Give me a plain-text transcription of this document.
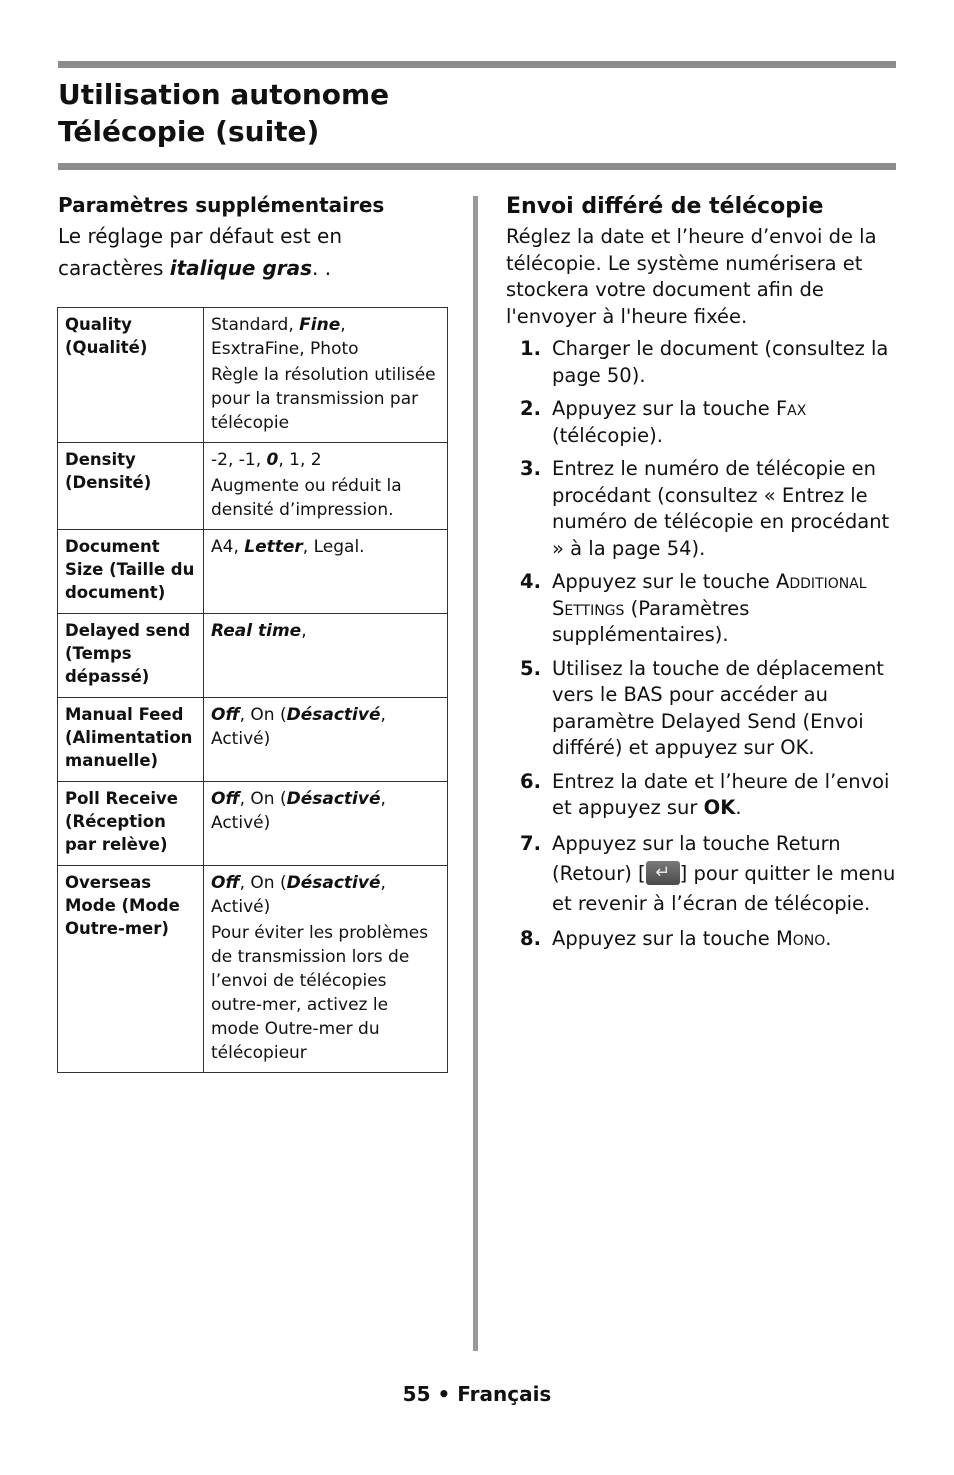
Utilisation autonome
Télécopie (suite)

Paramètres supplémentaires

Le réglage par défaut est en
caractères italique gras. .

Quality (Qualité)	Standard, Fine, EsxtraFine, Photo
Règle la résolution utilisée pour la transmission par télécopie

Density (Densité)	-2, -1, 0, 1, 2
Augmente ou réduit la densité d’impression.

Document Size (Taille du document)	A4, Letter, Legal.

Delayed send (Temps dépassé)	Real time,

Manual Feed (Alimentation manuelle)	Off, On (Désactivé, Activé)

Poll Receive (Réception par relève)	Off, On (Désactivé, Activé)

Overseas Mode (Mode Outre-mer)	Off, On (Désactivé, Activé)
Pour éviter les problèmes de transmission lors de l’envoi de télécopies outre-mer, activez le mode Outre-mer du télécopieur

Envoi différé de télécopie

Réglez la date et l’heure d’envoi de la télécopie. Le système numérisera et stockera votre document afin de l'envoyer à l'heure fixée.

1. Charger le document (consultez la page 50).
2. Appuyez sur la touche Fax (télécopie).
3. Entrez le numéro de télécopie en procédant (consultez « Entrez le numéro de télécopie en procédant » à la page 54).
4. Appuyez sur le touche Additional Settings (Paramètres supplémentaires).
5. Utilisez la touche de déplacement vers le BAS pour accéder au paramètre Delayed Send (Envoi différé) et appuyez sur OK.
6. Entrez la date et l’heure de l’envoi et appuyez sur OK.
7. Appuyez sur la touche Return (Retour) [ ↵ ] pour quitter le menu et revenir à l’écran de télécopie.
8. Appuyez sur la touche Mono.
55 • Français
